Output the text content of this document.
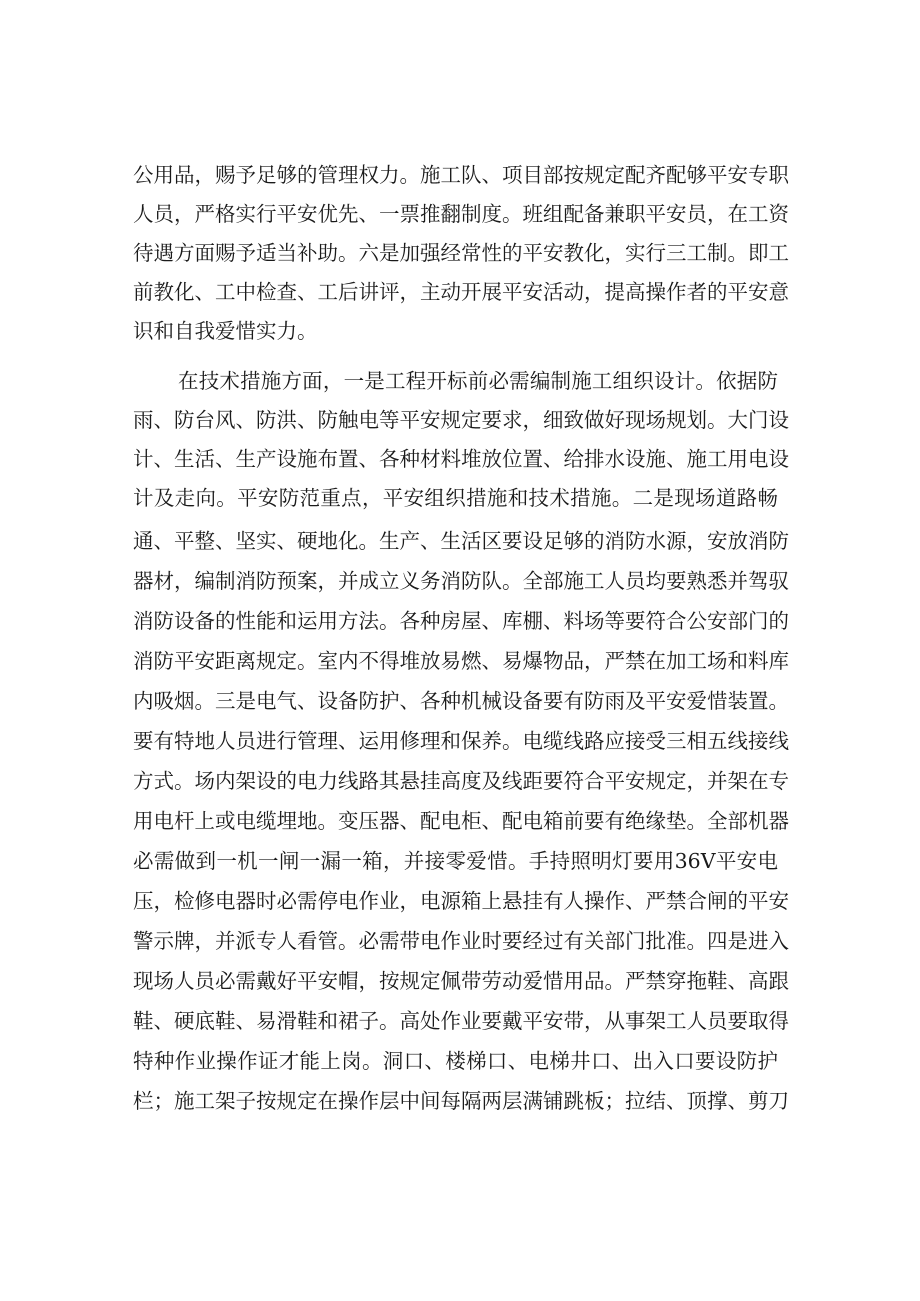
公用品，赐予足够的管理权力。施工队、项目部按规定配齐配够平安专职
人员，严格实行平安优先、一票推翻制度。班组配备兼职平安员，在工资
待遇方面赐予适当补助。六是加强经常性的平安教化，实行三工制。即工
前教化、工中检查、工后讲评，主动开展平安活动，提高操作者的平安意
识和自我爱惜实力。
在技术措施方面，一是工程开标前必需编制施工组织设计。依据防
雨、防台风、防洪、防触电等平安规定要求，细致做好现场规划。大门设
计、生活、生产设施布置、各种材料堆放位置、给排水设施、施工用电设
计及走向。平安防范重点，平安组织措施和技术措施。二是现场道路畅
通、平整、坚实、硬地化。生产、生活区要设足够的消防水源，安放消防
器材，编制消防预案，并成立义务消防队。全部施工人员均要熟悉并驾驭
消防设备的性能和运用方法。各种房屋、库棚、料场等要符合公安部门的
消防平安距离规定。室内不得堆放易燃、易爆物品，严禁在加工场和料库
内吸烟。三是电气、设备防护、各种机械设备要有防雨及平安爱惜装置。
要有特地人员进行管理、运用修理和保养。电缆线路应接受三相五线接线
方式。场内架设的电力线路其悬挂高度及线距要符合平安规定，并架在专
用电杆上或电缆埋地。变压器、配电柜、配电箱前要有绝缘垫。全部机器
必需做到一机一闸一漏一箱，并接零爱惜。手持照明灯要用36V平安电
压，检修电器时必需停电作业，电源箱上悬挂有人操作、严禁合闸的平安
警示牌，并派专人看管。必需带电作业时要经过有关部门批准。四是进入
现场人员必需戴好平安帽，按规定佩带劳动爱惜用品。严禁穿拖鞋、高跟
鞋、硬底鞋、易滑鞋和裙子。高处作业要戴平安带，从事架工人员要取得
特种作业操作证才能上岗。洞口、楼梯口、电梯井口、出入口要设防护
栏；施工架子按规定在操作层中间每隔两层满铺跳板；拉结、顶撑、剪刀
